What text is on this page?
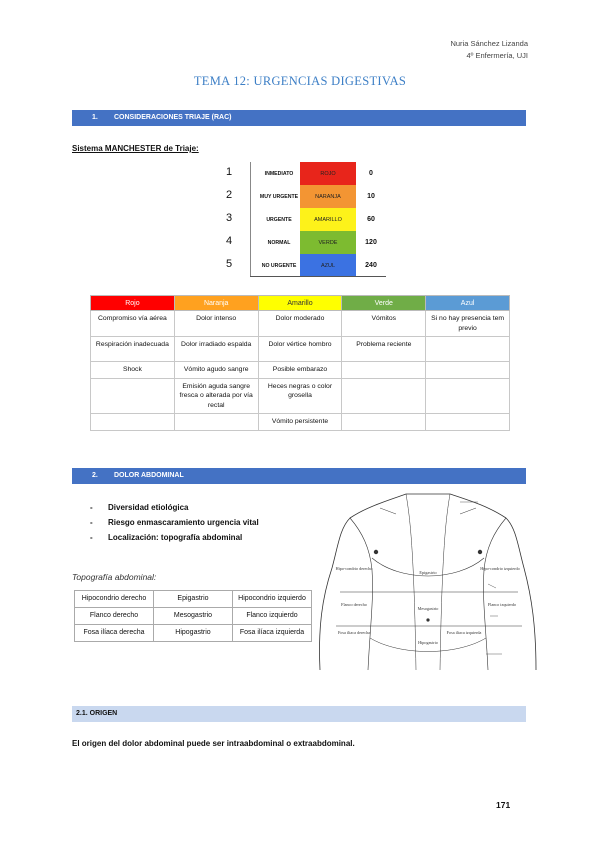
Nuria Sánchez Lizanda
4º Enfermería, UJI
TEMA 12: URGENCIAS DIGESTIVAS
1. CONSIDERACIONES TRIAJE (RAC)
Sistema MANCHESTER de Triaje:
1	INMEDIATO	ROJO	0
2	MUY URGENTE	NARANJA	10
3	URGENTE	AMARILLO	60
4	NORMAL	VERDE	120
5	NO URGENTE	AZUL	240
Rojo	Naranja	Amarillo	Verde	Azul
Compromiso vía aérea	Dolor intenso	Dolor moderado	Vómitos	Si no hay presencia tem previo
Respiración inadecuada	Dolor irradiado espalda	Dolor vértice hombro	Problema reciente	
Shock	Vómito agudo sangre	Posible embarazo		
	Emisión aguda sangre fresca o alterada por vía rectal	Heces negras o color grosella		
		Vómito persistente		
2. DOLOR ABDOMINAL
- Diversidad etiológica
- Riesgo enmascaramiento urgencia vital
- Localización: topografía abdominal
Topografía abdominal:
Hipocondrio derecho	Epigastrio	Hipocondrio izquierdo
Flanco derecho	Mesogastrio	Flanco izquierdo
Fosa ilíaca derecha	Hipogastrio	Fosa ilíaca izquierda
Epigastrio
Mesogastrio
Hipogastrio
Hipo-condrio derecho	Hipo-condrio izquierdo
Flanco derecho	Flanco izquierdo
Fosa iliaca derecha	Fosa iliaca izquierda
2.1. ORIGEN
El origen del dolor abdominal puede ser intraabdominal o extraabdominal.
171
